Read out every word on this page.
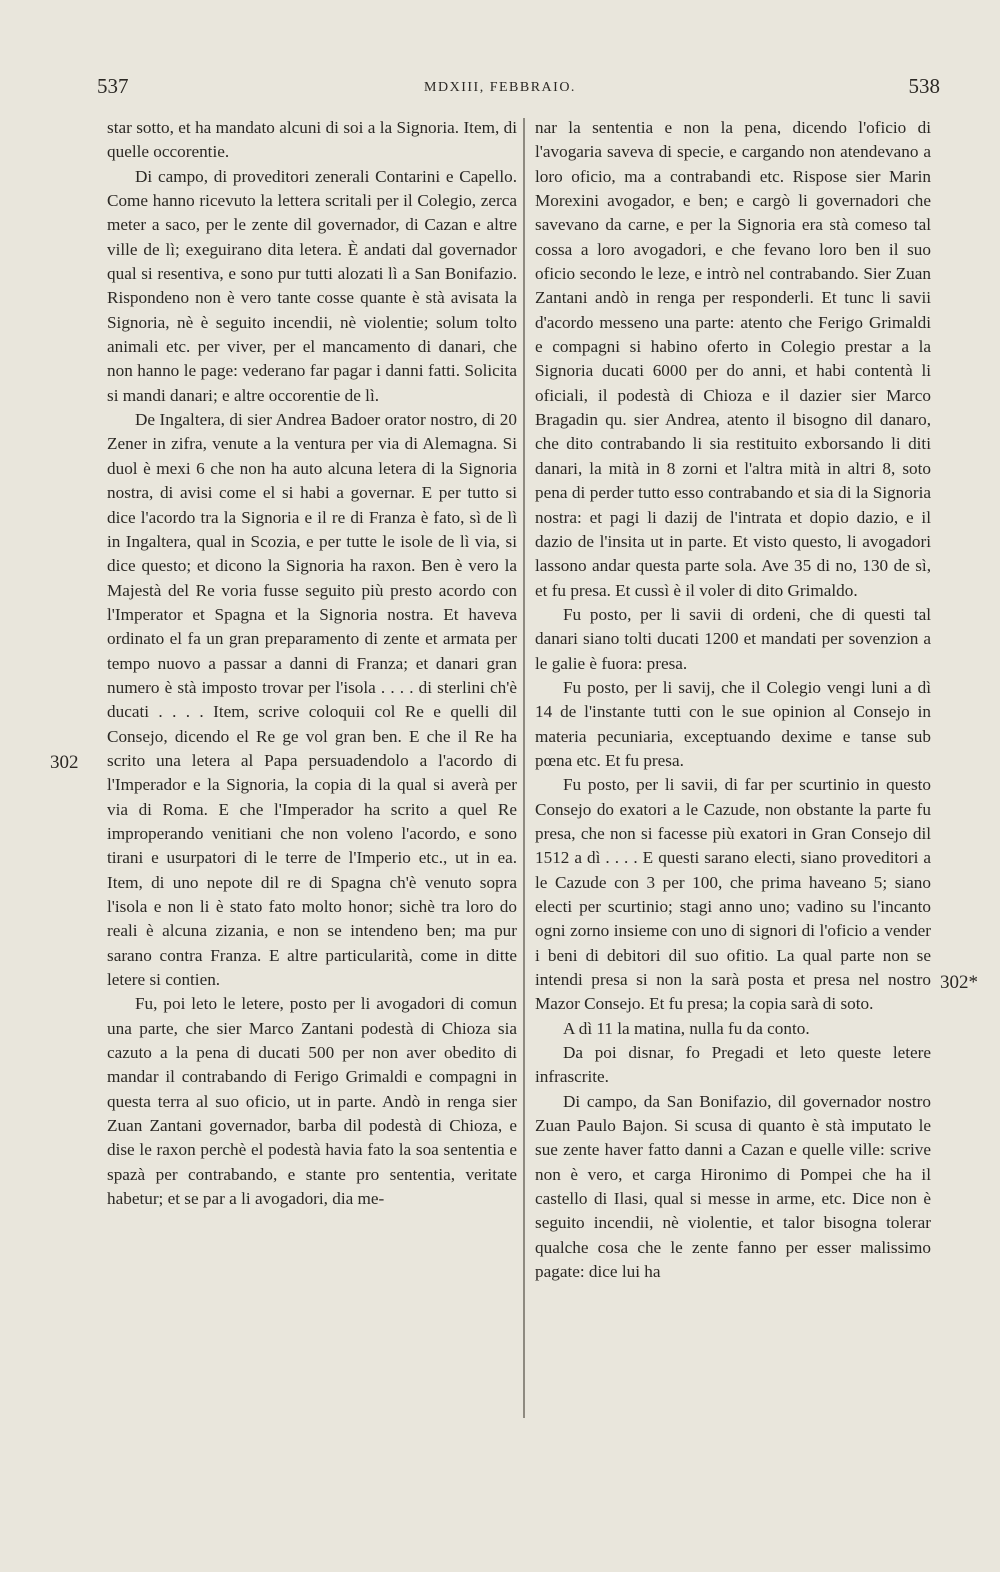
537	MDXIII, FEBBRAIO.	538

star sotto, et ha mandato alcuni di soi a la Signoria. Item, di quelle occorentie.

Di campo, di proveditori zenerali Contarini e Capello. Come hanno ricevuto la lettera scritali per il Colegio, zerca meter a saco, per le zente dil governador, di Cazan e altre ville de lì; exeguirano dita letera. È andati dal governador qual si resentiva, e sono pur tutti alozati lì a San Bonifazio. Rispondeno non è vero tante cosse quante è stà avisata la Signoria, nè è seguito incendii, nè violentie; solum tolto animali etc. per viver, per el mancamento di danari, che non hanno le page: vederano far pagar i danni fatti. Solicita si mandi danari; e altre occorentie de lì.

De Ingaltera, di sier Andrea Badoer orator nostro, di 20 Zener in zifra, venute a la ventura per via di Alemagna. Si duol è mexi 6 che non ha auto alcuna letera di la Signoria nostra, di avisi come el si habi a governar. E per tutto si dice l'acordo tra la Signoria e il re di Franza è fato, sì de lì in Ingaltera, qual in Scozia, e per tutte le isole de lì via, si dice questo; et dicono la Signoria ha raxon. Ben è vero la Majestà del Re voria fusse seguito più presto acordo con l'Imperator et Spagna et la Signoria nostra. Et haveva ordinato el fa un gran preparamento di zente et armata per tempo nuovo a passar a danni di Franza; et danari gran numero è stà imposto trovar per l'isola . . . . di sterlini ch'è ducati . . . . Item, scrive coloquii col Re e quelli dil Consejo, dicendo el Re ge vol gran ben. E che il Re ha scrito una letera al Papa persuadendolo a l'acordo di l'Imperador e la Signoria, la copia di la qual si averà per via di Roma. E che l'Imperador ha scrito a quel Re improperando venitiani che non voleno l'acordo, e sono tirani e usurpatori di le terre de l'Imperio etc., ut in ea. Item, di uno nepote dil re di Spagna ch'è venuto sopra l'isola e non li è stato fato molto honor; sichè tra loro do reali è alcuna zizania, e non se intendeno ben; ma pur sarano contra Franza. E altre particularità, come in ditte letere si contien.

Fu, poi leto le letere, posto per li avogadori di comun una parte, che sier Marco Zantani podestà di Chioza sia cazuto a la pena di ducati 500 per non aver obedito di mandar il contrabando di Ferigo Grimaldi e compagni in questa terra al suo oficio, ut in parte. Andò in renga sier Zuan Zantani governador, barba dil podestà di Chioza, e dise le raxon perchè el podestà havia fato la soa sententia e spazà per contrabando, e stante pro sententia, veritate habetur; et se par a li avogadori, dia me-

nar la sententia e non la pena, dicendo l'oficio di l'avogaria saveva di specie, e cargando non atendevano a loro oficio, ma a contrabandi etc. Rispose sier Marin Morexini avogador, e ben; e cargò li governadori che savevano da carne, e per la Signoria era stà comeso tal cossa a loro avogadori, e che fevano loro ben il suo oficio secondo le leze, e intrò nel contrabando. Sier Zuan Zantani andò in renga per responderli. Et tunc li savii d'acordo messeno una parte: atento che Ferigo Grimaldi e compagni si habino oferto in Colegio prestar a la Signoria ducati 6000 per do anni, et habi contentà li oficiali, il podestà di Chioza e il dazier sier Marco Bragadin qu. sier Andrea, atento il bisogno dil danaro, che dito contrabando li sia restituito exborsando li diti danari, la mità in 8 zorni et l'altra mità in altri 8, soto pena di perder tutto esso contrabando et sia di la Signoria nostra: et pagi li dazij de l'intrata et dopio dazio, e il dazio de l'insita ut in parte. Et visto questo, li avogadori lassono andar questa parte sola. Ave 35 di no, 130 de sì, et fu presa. Et cussì è il voler di dito Grimaldo.

Fu posto, per li savii di ordeni, che di questi tal danari siano tolti ducati 1200 et mandati per sovenzion a le galie è fuora: presa.

Fu posto, per li savij, che il Colegio vengi luni a dì 14 de l'instante tutti con le sue opinion al Consejo in materia pecuniaria, exceptuando dexime e tanse sub pœna etc. Et fu presa.

Fu posto, per li savii, di far per scurtinio in questo Consejo do exatori a le Cazude, non obstante la parte fu presa, che non si facesse più exatori in Gran Consejo dil 1512 a dì . . . . E questi sarano electi, siano proveditori a le Cazude con 3 per 100, che prima haveano 5; siano electi per scurtinio; stagi anno uno; vadino su l'incanto ogni zorno insieme con uno di signori di l'oficio a vender i beni di debitori dil suo ofitio. La qual parte non se intendi presa si non la sarà posta et presa nel nostro Mazor Consejo. Et fu presa; la copia sarà di soto.

A dì 11 la matina, nulla fu da conto.

Da poi disnar, fo Pregadi et leto queste letere infrascrite.

Di campo, da San Bonifazio, dil governador nostro Zuan Paulo Bajon. Si scusa di quanto è stà imputato le sue zente haver fatto danni a Cazan e quelle ville: scrive non è vero, et carga Hironimo di Pompei che ha il castello di Ilasi, qual si messe in arme, etc. Dice non è seguito incendii, nè violentie, et talor bisogna tolerar qualche cosa che le zente fanno per esser malissimo pagate: dice lui ha

302
302*
